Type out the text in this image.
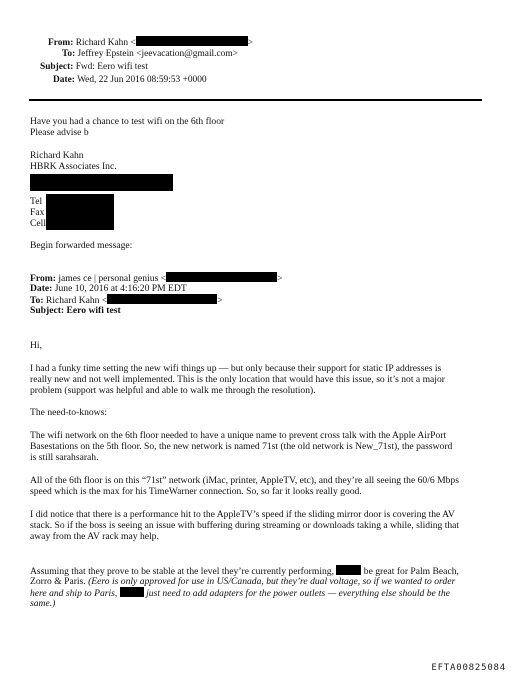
From: Richard Kahn <	>
To: Jeffrey Epstein <jeevacation@gmail.com>
Subject: Fwd: Eero wifi test
Date: Wed, 22 Jun 2016 08:59:53 +0000
Have you had a chance to test wifi on the 6th floor
Please advise b
Richard Kahn
HBRK Associates Inc.
Tel
Fax
Cell
Begin forwarded message:
From: james ce | personal genius <	>
Date: June 10, 2016 at 4:16:20 PM EDT
To: Richard Kahn <	>
Subject: Eero wifi test
Hi,
I had a funky time setting the new wifi things up — but only because their support for static IP addresses is
really new and not well implemented. This is the only location that would have this issue, so it’s not a major
problem (support was helpful and able to walk me through the resolution).
The need-to-knows:
The wifi network on the 6th floor needed to have a unique name to prevent cross talk with the Apple AirPort
Basestations on the 5th floor. So, the new network is named 71st (the old network is New_71st), the password
is still sarahsarah.
All of the 6th floor is on this “71st” network (iMac, printer, AppleTV, etc), and they’re all seeing the 60/6 Mbps
speed which is the max for his TimeWarner connection. So, so far it looks really good.
I did notice that there is a performance hit to the AppleTV’s speed if the sliding mirror door is covering the AV
stack. So if the boss is seeing an issue with buffering during streaming or downloads taking a while, sliding that
away from the AV rack may help.
Assuming that they prove to be stable at the level they’re currently performing,	be great for Palm Beach,
Zorro & Paris. (Eero is only approved for use in US/Canada, but they’re dual voltage, so if we wanted to order
here and ship to Paris,	just need to add adapters for the power outlets — everything else should be the
same.)
EFTA00825084
